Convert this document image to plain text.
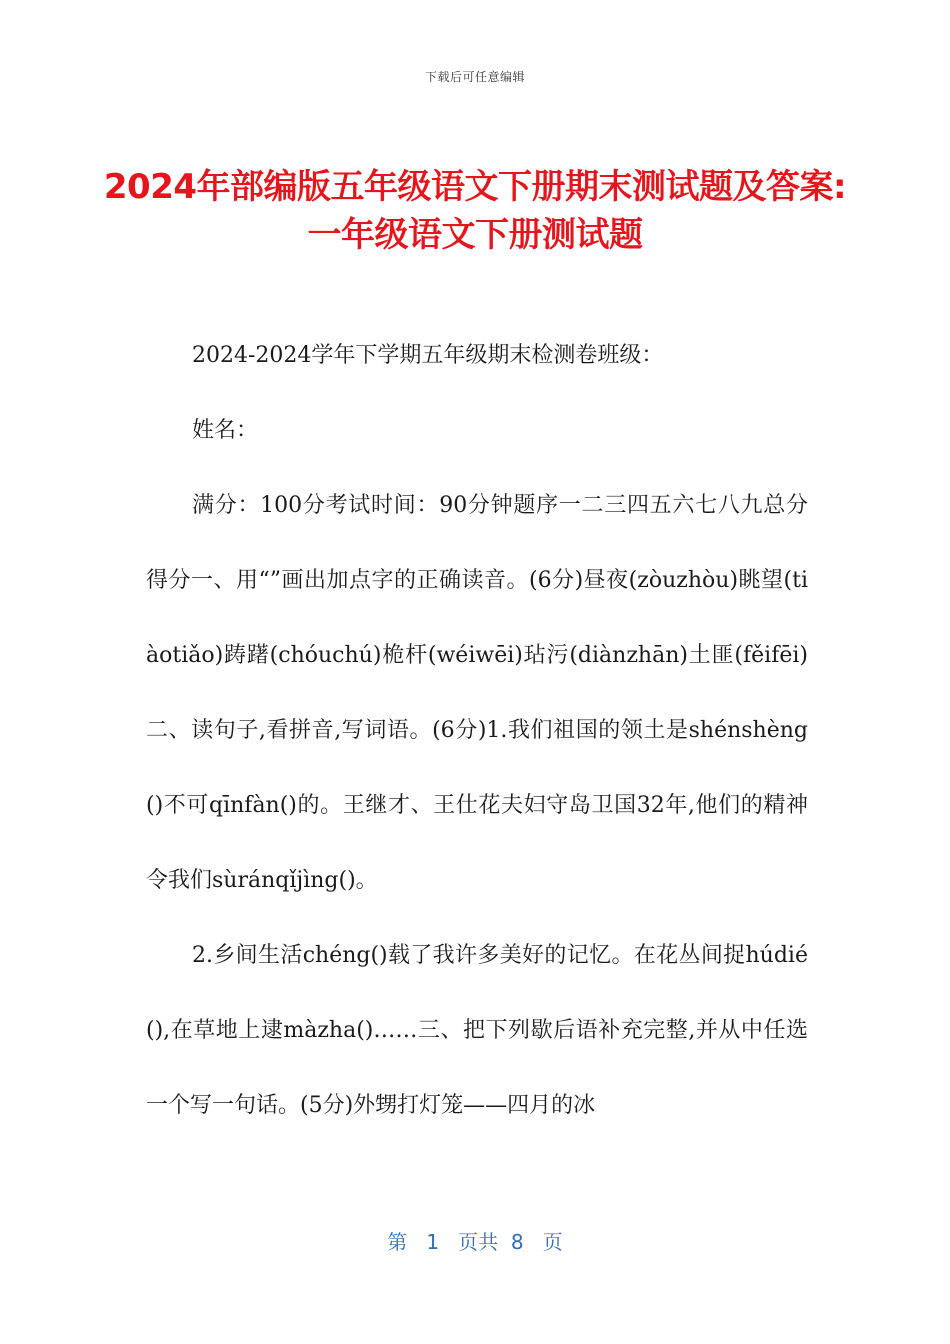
下载后可任意编辑
2024年部编版五年级语文下册期末测试题及答案:一年级语文下册测试题

2024-2024学年下学期五年级期末检测卷班级：

姓名：

满分：100分考试时间：90分钟题序一二三四五六七八九总分得分一、用“”画出加点字的正确读音。(6分)昼夜(zòuzhòu)眺望(tiàotiǎo)踌躇(chóuchú)桅杆(wéiwēi)玷污(diànzhān)土匪(fěifēi)二、读句子,看拼音,写词语。(6分)1.我们祖国的领土是shénshèng()不可qīnfàn()的。王继才、王仕花夫妇守岛卫国32年,他们的精神令我们sùránqǐjìng()。

2.乡间生活chéng()载了我许多美好的记忆。在花丛间捉húdié(),在草地上逮màzha()……三、把下列歇后语补充完整,并从中任选一个写一句话。(5分)外甥打灯笼——四月的冰

第 1 页共 8 页
